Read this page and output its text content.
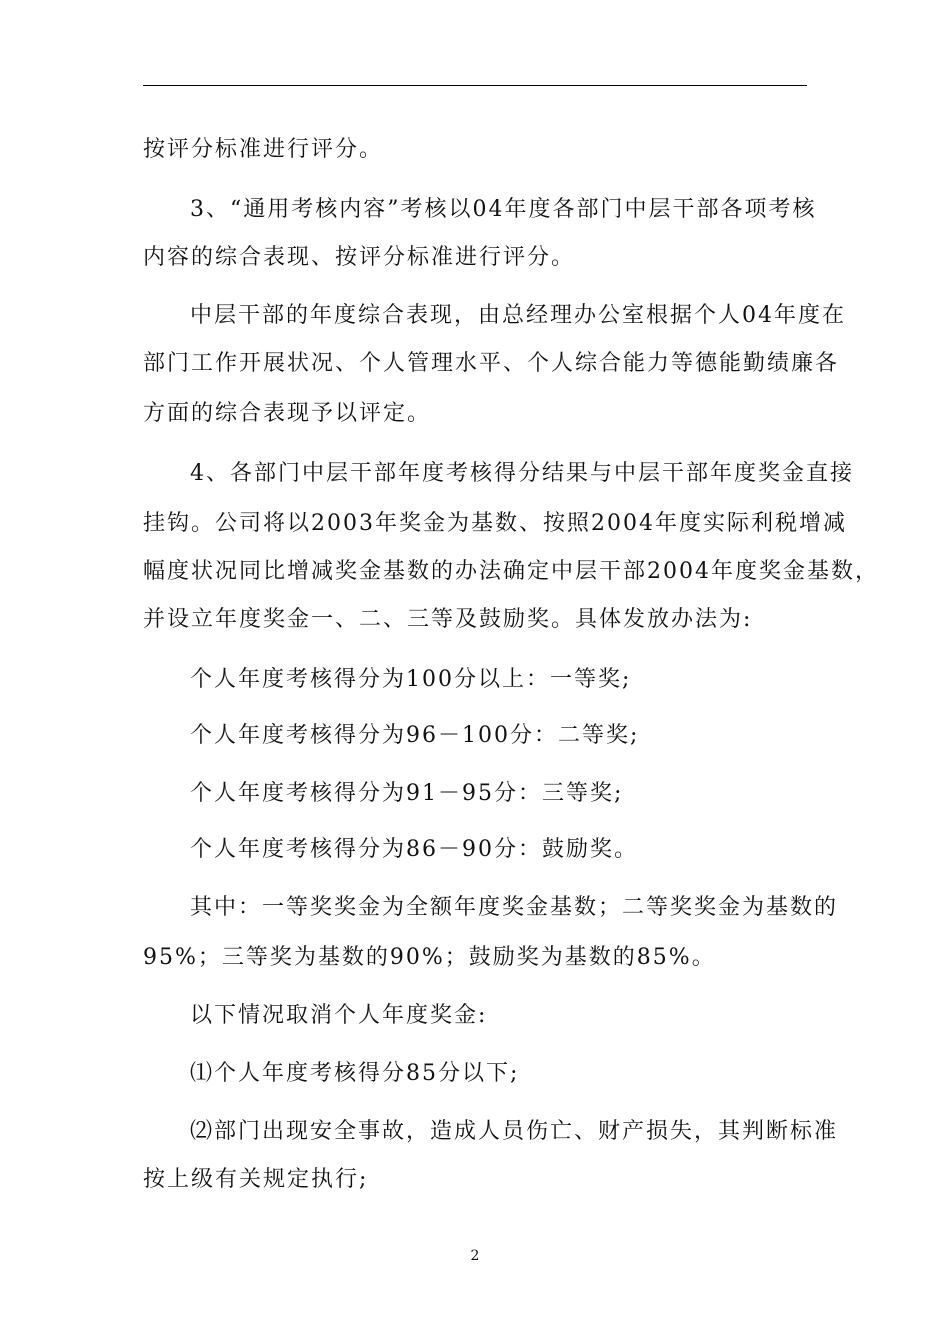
按评分标准进行评分。
3、“通用考核内容”考核以04年度各部门中层干部各项考核
内容的综合表现、按评分标准进行评分。
中层干部的年度综合表现，由总经理办公室根据个人04年度在
部门工作开展状况、个人管理水平、个人综合能力等德能勤绩廉各
方面的综合表现予以评定。
4、各部门中层干部年度考核得分结果与中层干部年度奖金直接
挂钩。公司将以2003年奖金为基数、按照2004年度实际利税增减
幅度状况同比增减奖金基数的办法确定中层干部2004年度奖金基数，
并设立年度奖金一、二、三等及鼓励奖。具体发放办法为:
个人年度考核得分为100分以上：一等奖;
个人年度考核得分为96－100分：二等奖;
个人年度考核得分为91－95分：三等奖;
个人年度考核得分为86－90分：鼓励奖。
其中：一等奖奖金为全额年度奖金基数；二等奖奖金为基数的
95%；三等奖为基数的90%；鼓励奖为基数的85%。
以下情况取消个人年度奖金:
⑴个人年度考核得分85分以下;
⑵部门出现安全事故，造成人员伤亡、财产损失，其判断标准
按上级有关规定执行;
2
